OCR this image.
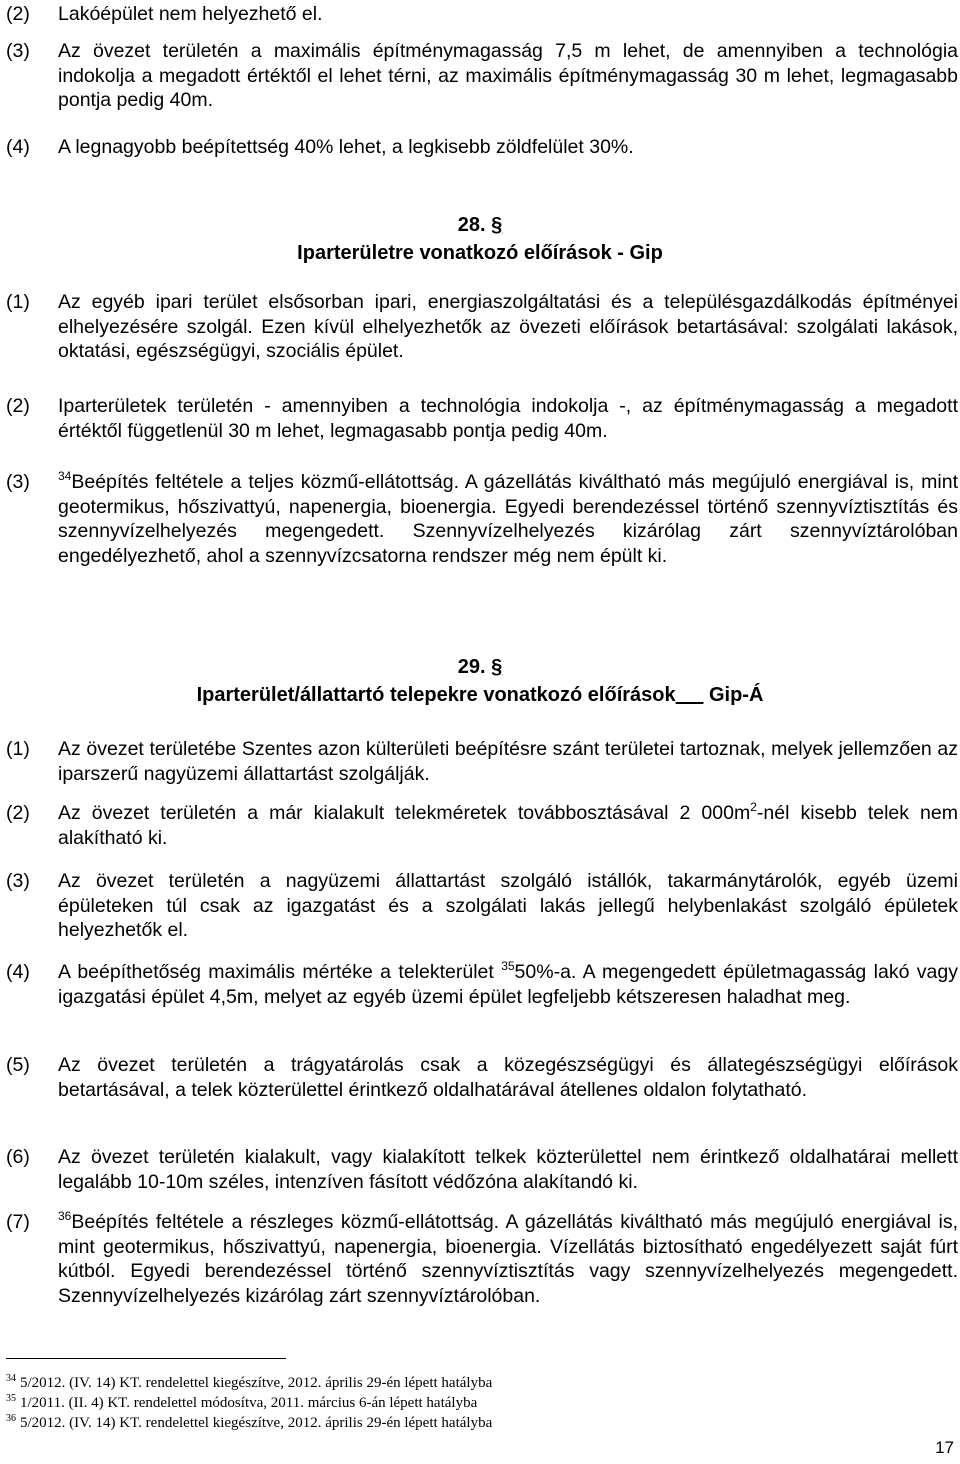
(2) Lakóépület nem helyezhető el.
(3) Az övezet területén a maximális építménymagasság 7,5 m lehet, de amennyiben a technológia indokolja a megadott értéktől el lehet térni, az maximális építménymagasság 30 m lehet, legmagasabb pontja pedig 40m.
(4) A legnagyobb beépítettség 40% lehet, a legkisebb zöldfelület 30%.
28. §
Iparterületre vonatkozó előírások - Gip
(1) Az egyéb ipari terület elsősorban ipari, energiaszolgáltatási és a településgazdálkodás építményei elhelyezésére szolgál. Ezen kívül elhelyezhetők az övezeti előírások betartásával: szolgálati lakások, oktatási, egészségügyi, szociális épület.
(2) Iparterületek területén - amennyiben a technológia indokolja -, az építménymagasság a megadott értéktől függetlenül 30 m lehet, legmagasabb pontja pedig 40m.
(3) $^{34}$Beépítés feltétele a teljes közmű-ellátottság. A gázellátás kiváltható más megújuló energiával is, mint geotermikus, hőszivattyú, napenergia, bioenergia. Egyedi berendezéssel történő szennyvíztisztítás és szennyvízelhelyezés megengedett. Szennyvízelhelyezés kizárólag zárt szennyvíztárolóban engedélyezhető, ahol a szennyvízcsatorna rendszer még nem épült ki.
29. §
Iparterület/állattartó telepekre vonatkozó előírások      Gip-Á
(1) Az övezet területébe Szentes azon külterületi beépítésre szánt területei tartoznak, melyek jellemzően az iparszerű nagyüzemi állattartást szolgálják.
(2) Az övezet területén a már kialakult telekméretek továbbosztásával 2 $000m^2$-nél kisebb telek nem alakítható ki.
(3) Az övezet területén a nagyüzemi állattartást szolgáló istállók, takarmánytárolók, egyéb üzemi épületeken túl csak az igazgatást és a szolgálati lakás jellegű helybenlakást szolgáló épületek helyezhetők el.
(4) A beépíthetőség maximális mértéke a telekterület $^{35}$50%-a. A megengedett épületmagasság lakó vagy igazgatási épület 4,5m, melyet az egyéb üzemi épület legfeljebb kétszeresen haladhat meg.
(5) Az övezet területén a trágyatárolás csak a közegészségügyi és állategészségügyi előírások betartásával, a telek közterülettel érintkező oldalhatárával átellenes oldalon folytatható.
(6) Az övezet területén kialakult, vagy kialakított telkek közterülettel nem érintkező oldalhatárai mellett legalább 10-10m széles, intenzíven fásított védőzóna alakítandó ki.
(7) $^{36}$Beépítés feltétele a részleges közmű-ellátottság. A gázellátás kiváltható más megújuló energiával is, mint geotermikus, hőszivattyú, napenergia, bioenergia. Vízellátás biztosítható engedélyezett saját fúrt kútból. Egyedi berendezéssel történő szennyvíztisztítás vagy szennyvízelhelyezés megengedett. Szennyvízelhelyezés kizárólag zárt szennyvíztárolóban.
$^{34}$ 5/2012. (IV. 14) KT. rendelettel kiegészítve, 2012. április 29-én lépett hatályba
$^{35}$ 1/2011. (II. 4) KT. rendelettel módosítva, 2011. március 6-án lépett hatályba
$^{36}$ 5/2012. (IV. 14) KT. rendelettel kiegészítve, 2012. április 29-én lépett hatályba
17
